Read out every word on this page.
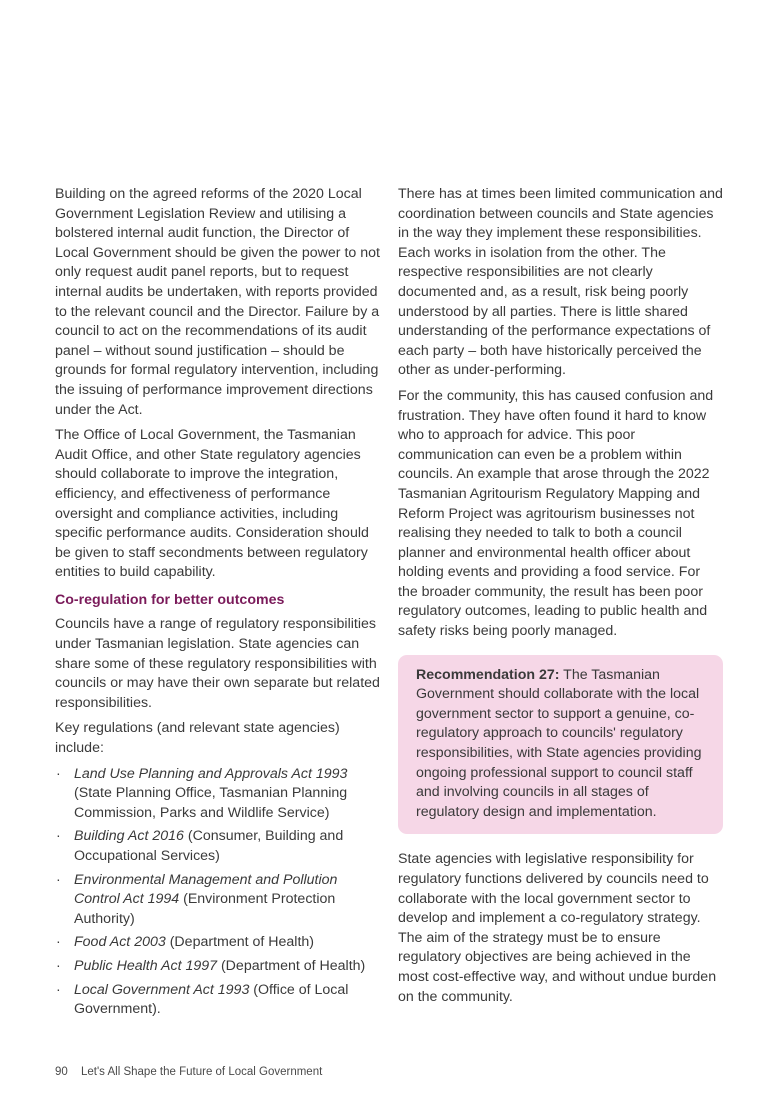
Building on the agreed reforms of the 2020 Local Government Legislation Review and utilising a bolstered internal audit function, the Director of Local Government should be given the power to not only request audit panel reports, but to request internal audits be undertaken, with reports provided to the relevant council and the Director. Failure by a council to act on the recommendations of its audit panel – without sound justification – should be grounds for formal regulatory intervention, including the issuing of performance improvement directions under the Act.

The Office of Local Government, the Tasmanian Audit Office, and other State regulatory agencies should collaborate to improve the integration, efficiency, and effectiveness of performance oversight and compliance activities, including specific performance audits. Consideration should be given to staff secondments between regulatory entities to build capability.

Co-regulation for better outcomes

Councils have a range of regulatory responsibilities under Tasmanian legislation. State agencies can share some of these regulatory responsibilities with councils or may have their own separate but related responsibilities.

Key regulations (and relevant state agencies) include:

· Land Use Planning and Approvals Act 1993 (State Planning Office, Tasmanian Planning Commission, Parks and Wildlife Service)
· Building Act 2016 (Consumer, Building and Occupational Services)
· Environmental Management and Pollution Control Act 1994 (Environment Protection Authority)
· Food Act 2003 (Department of Health)
· Public Health Act 1997 (Department of Health)
· Local Government Act 1993 (Office of Local Government).

There has at times been limited communication and coordination between councils and State agencies in the way they implement these responsibilities. Each works in isolation from the other. The respective responsibilities are not clearly documented and, as a result, risk being poorly understood by all parties. There is little shared understanding of the performance expectations of each party – both have historically perceived the other as under-performing.

For the community, this has caused confusion and frustration. They have often found it hard to know who to approach for advice. This poor communication can even be a problem within councils. An example that arose through the 2022 Tasmanian Agritourism Regulatory Mapping and Reform Project was agritourism businesses not realising they needed to talk to both a council planner and environmental health officer about holding events and providing a food service. For the broader community, the result has been poor regulatory outcomes, leading to public health and safety risks being poorly managed.

Recommendation 27: The Tasmanian Government should collaborate with the local government sector to support a genuine, co-regulatory approach to councils' regulatory responsibilities, with State agencies providing ongoing professional support to council staff and involving councils in all stages of regulatory design and implementation.

State agencies with legislative responsibility for regulatory functions delivered by councils need to collaborate with the local government sector to develop and implement a co-regulatory strategy. The aim of the strategy must be to ensure regulatory objectives are being achieved in the most cost-effective way, and without undue burden on the community.

90 Let's All Shape the Future of Local Government
